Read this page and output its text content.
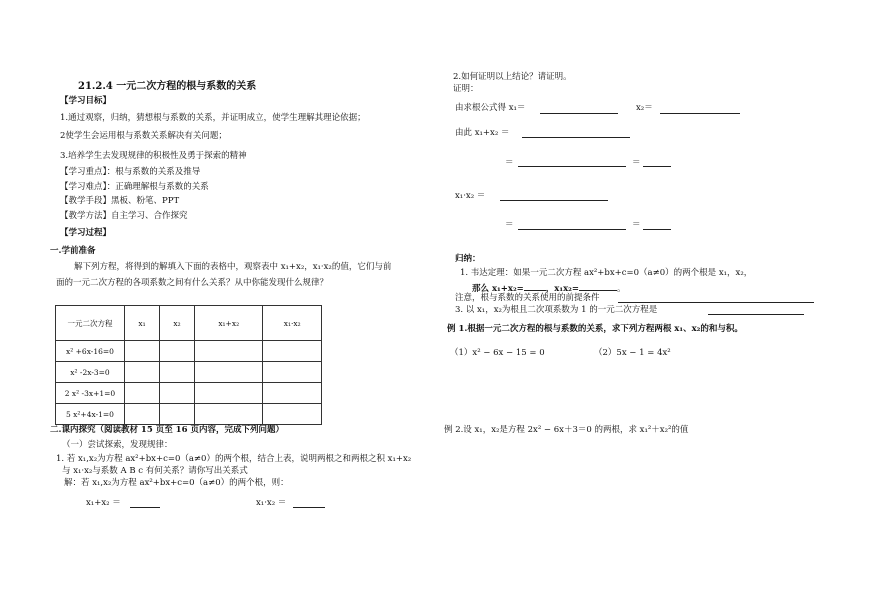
21.2.4 一元二次方程的根与系数的关系
【学习目标】
1.通过观察，归纳，猜想根与系数的关系，并证明成立，使学生理解其理论依据；
2使学生会运用根与系数关系解决有关问题；
3.培养学生去发现规律的积极性及勇于探索的精神
【学习重点】：根与系数的关系及推导
【学习难点】：正确理解根与系数的关系
【教学手段】黑板、粉笔、PPT
【教学方法】自主学习、合作探究
【学习过程】
一.学前准备
解下列方程，将得到的解填入下面的表格中，观察表中 x₁+x₂，x₁·x₂的值，它们与前
面的一元二次方程的各项系数之间有什么关系？从中你能发现什么规律？
一元二次方程	x₁	x₂	x₁+x₂	x₁·x₂
x² +6x-16=0				
x² -2x-3=0				
2 x² -3x+1=0				
5 x²+4x-1=0				
二.课内探究（阅读教材 15 页至 16 页内容，完成下列问题）
（一）尝试探索，发现规律：
1. 若 x₁,x₂为方程 ax²+bx+c=0（a≠0）的两个根，结合上表，说明两根之和两根之积 x₁+x₂
与 x₁·x₂与系数 A B c 有何关系？请你写出关系式
解：若 x₁,x₂为方程 ax²+bx+c=0（a≠0）的两个根，则：
x₁+x₂ ＝	x₁·x₂ ＝
2.如何证明以上结论？请证明。
证明：
由求根公式得 x₁＝	x₂＝
由此 x₁+x₂ ＝
＝	＝
x₁·x₂ ＝
＝	＝
归纳：
1. 韦达定理：如果一元二次方程 ax²+bx+c=0（a≠0）的两个根是 x₁，x₂，
那么 x₁+x₂=	，x₁x₂=	。
注意，根与系数的关系使用的前提条件
3. 以 x₁，x₂为根且二次项系数为 1 的一元二次方程是
例 1.根据一元二次方程的根与系数的关系，求下列方程两根 x₁、x₂的和与积。
（1）x² − 6x − 15 = 0	（2）5x − 1 = 4x²
例 2.设 x₁，x₂是方程 2x² − 6x＋3＝0 的两根，求 x₁²＋x₂²的值
